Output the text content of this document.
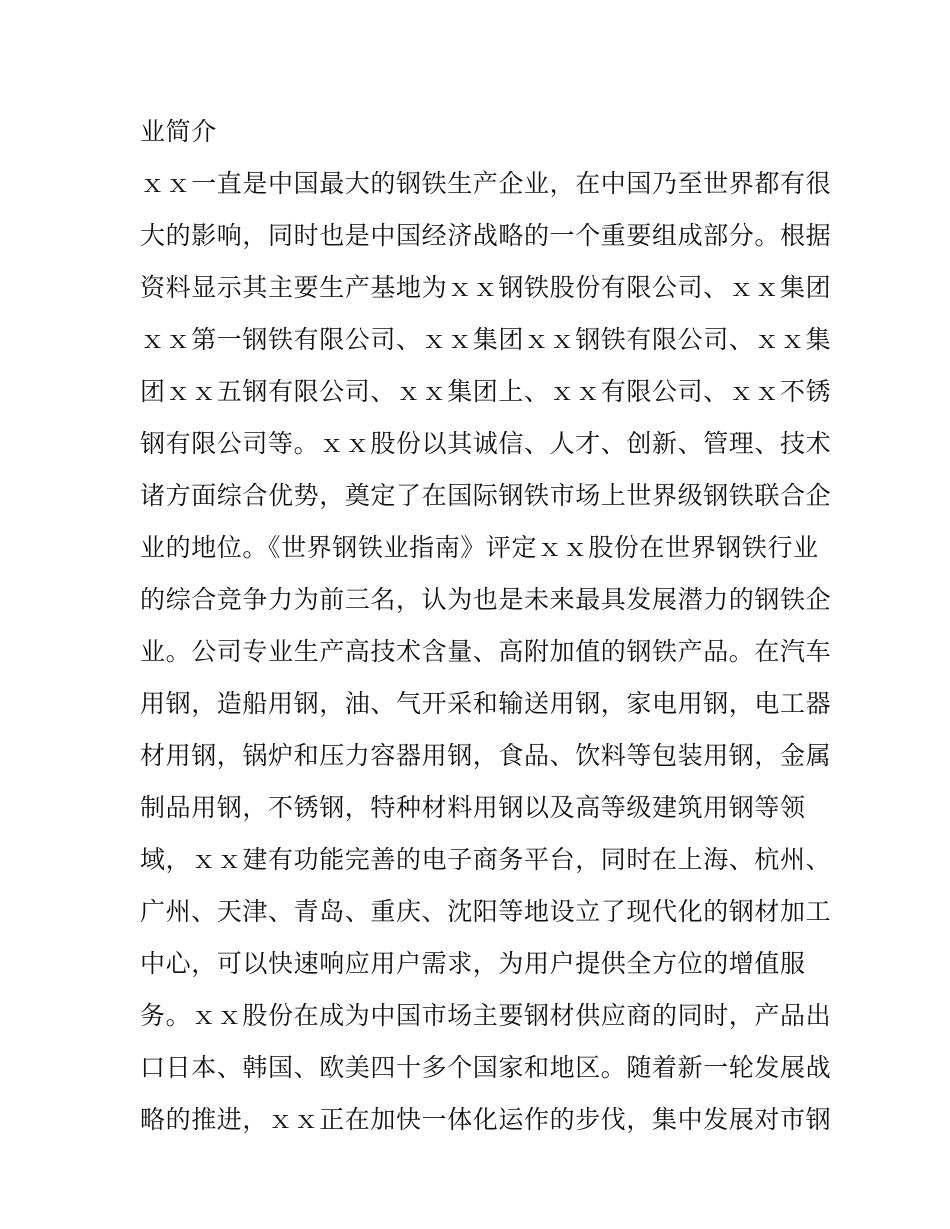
业简介
ｘｘ一直是中国最大的钢铁生产企业，在中国乃至世界都有很
大的影响，同时也是中国经济战略的一个重要组成部分。根据
资料显示其主要生产基地为ｘｘ钢铁股份有限公司、ｘｘ集团
ｘｘ第一钢铁有限公司、ｘｘ集团ｘｘ钢铁有限公司、ｘｘ集
团ｘｘ五钢有限公司、ｘｘ集团上、ｘｘ有限公司、ｘｘ不锈
钢有限公司等。ｘｘ股份以其诚信、人才、创新、管理、技术
诸方面综合优势，奠定了在国际钢铁市场上世界级钢铁联合企
业的地位。《世界钢铁业指南》评定ｘｘ股份在世界钢铁行业
的综合竞争力为前三名，认为也是未来最具发展潜力的钢铁企
业。公司专业生产高技术含量、高附加值的钢铁产品。在汽车
用钢，造船用钢，油、气开采和输送用钢，家电用钢，电工器
材用钢，锅炉和压力容器用钢，食品、饮料等包装用钢，金属
制品用钢，不锈钢，特种材料用钢以及高等级建筑用钢等领
域，ｘｘ建有功能完善的电子商务平台，同时在上海、杭州、
广州、天津、青岛、重庆、沈阳等地设立了现代化的钢材加工
中心，可以快速响应用户需求，为用户提供全方位的增值服
务。ｘｘ股份在成为中国市场主要钢材供应商的同时，产品出
口日本、韩国、欧美四十多个国家和地区。随着新一轮发展战
略的推进，ｘｘ正在加快一体化运作的步伐，集中发展对市钢
